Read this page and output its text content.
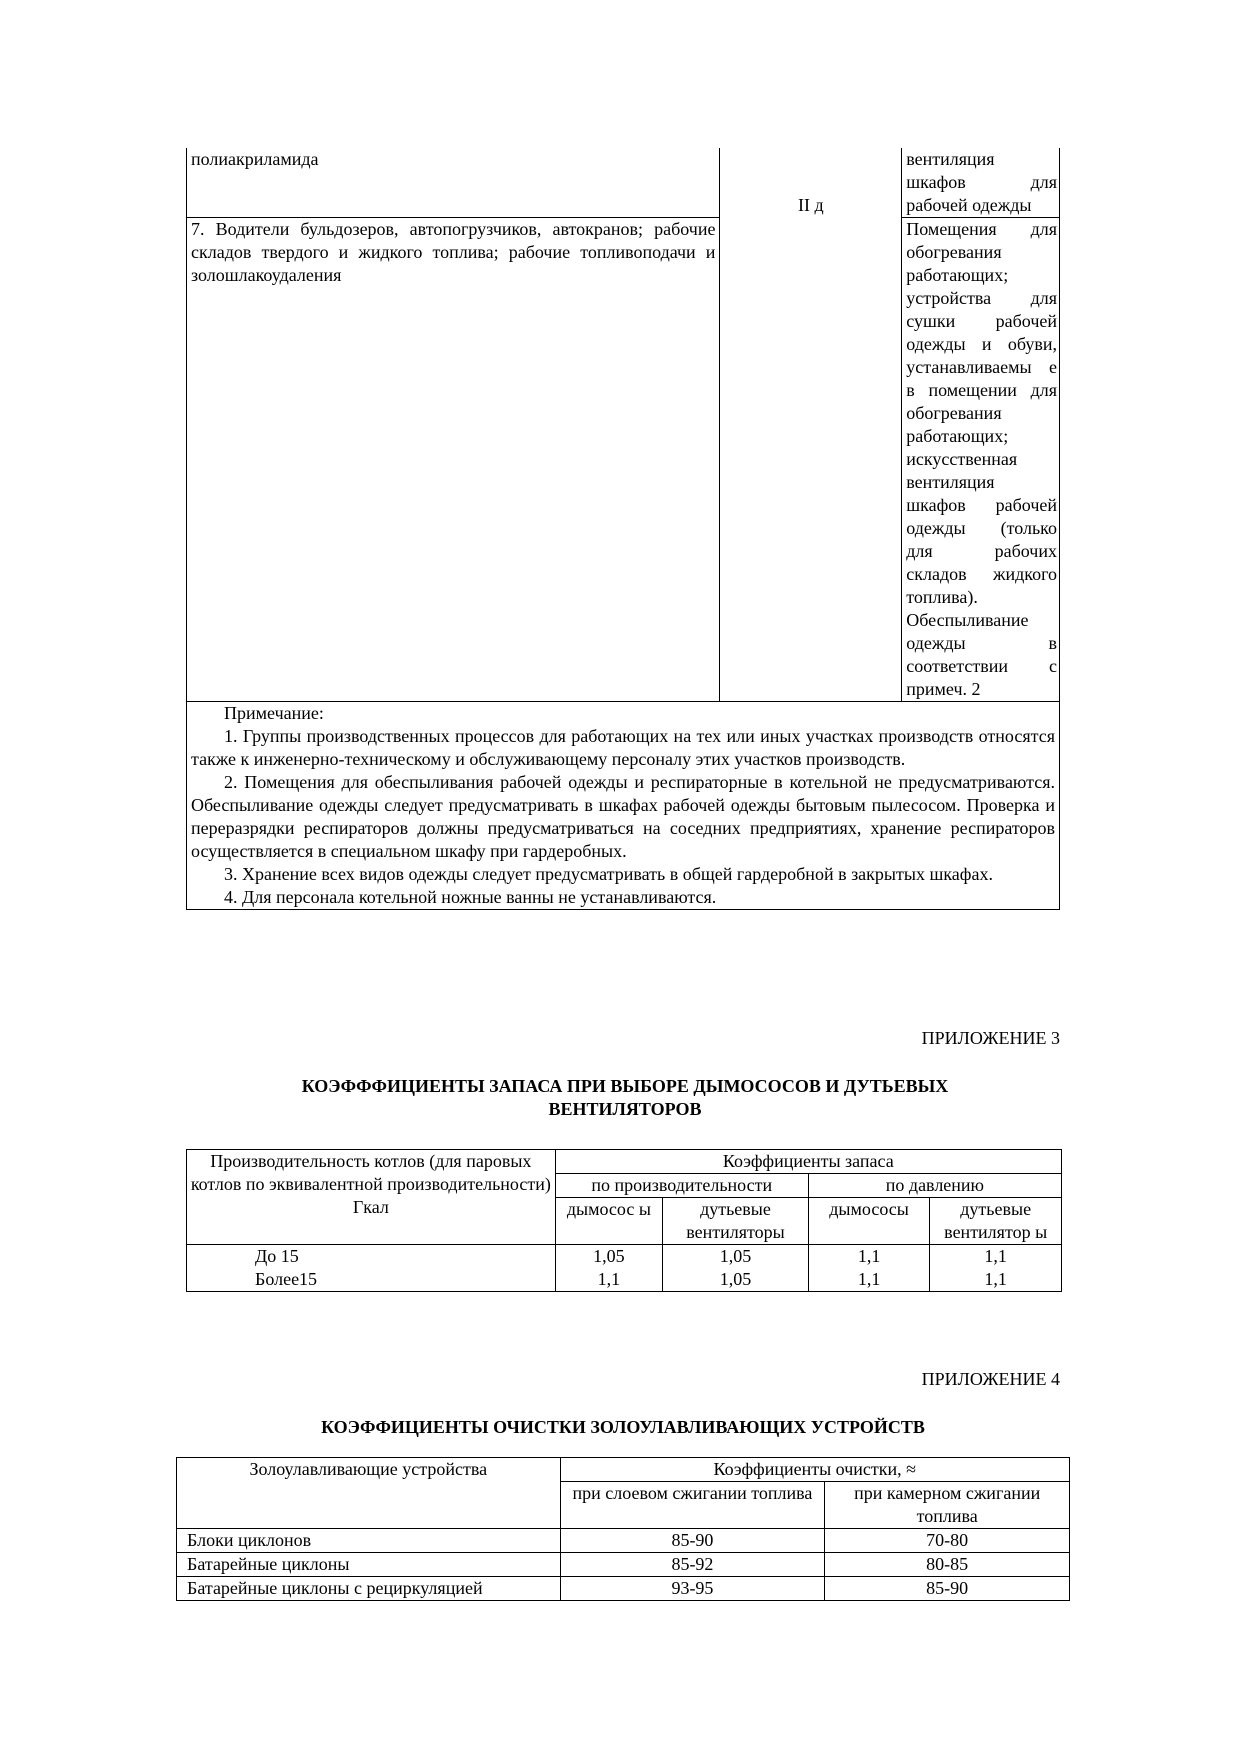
полиакриламида	II д	вентиляция шкафов для рабочей одежды
7. Водители бульдозеров, автопогрузчиков, автокранов; рабочие складов твердого и жидкого топлива; рабочие топливоподачи и золошлакоудаления		Помещения для обогревания работающих; устройства для сушки рабочей одежды и обуви, устанавливаемы е в помещении для обогревания работающих; искусственная вентиляция шкафов рабочей одежды (только для рабочих складов жидкого топлива). Обеспыливание одежды в соответствии с примеч. 2

Примечание:

1. Группы производственных процессов для работающих на тех или иных участках производств относятся также к инженерно-техническому и обслуживающему персоналу этих участков производств.

2. Помещения для обеспыливания рабочей одежды и респираторные в котельной не предусматриваются. Обеспыливание одежды следует предусматривать в шкафах рабочей одежды бытовым пылесосом. Проверка и переразрядки респираторов должны предусматриваться на соседних предприятиях, хранение респираторов осуществляется в специальном шкафу при гардеробных.

3. Хранение всех видов одежды следует предусматривать в общей гардеробной в закрытых шкафах.

4. Для персонала котельной ножные ванны не устанавливаются.		

ПРИЛОЖЕНИЕ 3

КОЭФФФИЦИЕНТЫ ЗАПАСА ПРИ ВЫБОРЕ ДЫМОСОСОВ И ДУТЬЕВЫХ ВЕНТИЛЯТОРОВ

Производительность котлов (для паровых котлов по эквивалентной производительности) Гкал	Коэффициенты запаса			
	по производительности		по давлению	
	дымосос ы	дутьевые вентиляторы	дымососы	дутьевые вентилятор ы
До 15	1,05	1,05	1,1	1,1
Более15	1,1	1,05	1,1	1,1

ПРИЛОЖЕНИЕ 4

КОЭФФИЦИЕНТЫ ОЧИСТКИ ЗОЛОУЛАВЛИВАЮЩИХ УСТРОЙСТВ

Золоулавливающие устройства	Коэффициенты очистки, ≈	
	при слоевом сжигании топлива	при камерном сжигании топлива
Блоки циклонов	85-90	70-80
Батарейные циклоны	85-92	80-85
Батарейные циклоны с рециркуляцией	93-95	85-90
